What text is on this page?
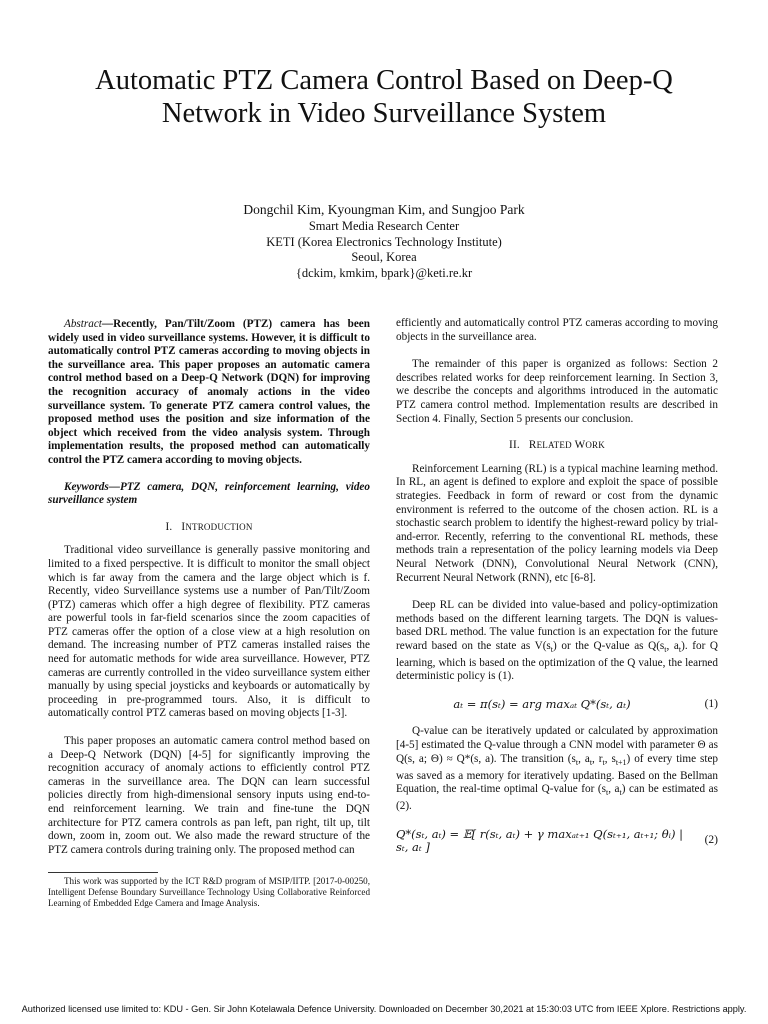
Automatic PTZ Camera Control Based on Deep-Q
Network in Video Surveillance System
Dongchil Kim, Kyoungman Kim, and Sungjoo Park
Smart Media Research Center
KETI (Korea Electronics Technology Institute)
Seoul, Korea
{dckim, kmkim, bpark}@keti.re.kr

Abstract—Recently, Pan/Tilt/Zoom (PTZ) camera has been widely used in video surveillance systems. However, it is difficult to automatically control PTZ cameras according to moving objects in the surveillance area. This paper proposes an automatic camera control method based on a Deep-Q Network (DQN) for improving the recognition accuracy of anomaly actions in the video surveillance system. To generate PTZ camera control values, the proposed method uses the position and size information of the object which received from the video analysis system. Through implementation results, the proposed method can automatically control the PTZ camera according to moving objects.

Keywords—PTZ camera, DQN, reinforcement learning, video surveillance system

I. INTRODUCTION

Traditional video surveillance is generally passive monitoring and limited to a fixed perspective. It is difficult to monitor the small object which is far away from the camera and the large object which is f. Recently, video Surveillance systems use a number of Pan/Tilt/Zoom (PTZ) cameras which offer a high degree of flexibility. PTZ cameras are powerful tools in far-field scenarios since the zoom capacities of PTZ cameras offer the option of a close view at a high resolution on demand. The increasing number of PTZ cameras installed raises the need for automatic methods for wide area surveillance. However, PTZ cameras are currently controlled in the video surveillance system either manually by using special joysticks and keyboards or automatically by proceeding in pre-programmed tours. Also, it is difficult to automatically control PTZ cameras based on moving objects [1-3].

This paper proposes an automatic camera control method based on a Deep-Q Network (DQN) [4-5] for significantly improving the recognition accuracy of anomaly actions to efficiently control PTZ cameras in the surveillance area. The DQN can learn successful policies directly from high-dimensional sensory inputs using end-to-end reinforcement learning. We train and fine-tune the DQN architecture for PTZ camera controls as pan left, pan right, tilt up, tilt down, zoom in, zoom out. We also made the reward structure of the PTZ camera controls during training only. The proposed method can

This work was supported by the ICT R&D program of MSIP/IITP. [2017-0-00250, Intelligent Defense Boundary Surveillance Technology Using Collaborative Reinforced Learning of Embedded Edge Camera and Image Analysis.

efficiently and automatically control PTZ cameras according to moving objects in the surveillance area.

The remainder of this paper is organized as follows: Section 2 describes related works for deep reinforcement learning. In Section 3, we describe the concepts and algorithms introduced in the automatic PTZ camera control method. Implementation results are described in Section 4. Finally, Section 5 presents our conclusion.

II. RELATED WORK

Reinforcement Learning (RL) is a typical machine learning method. In RL, an agent is defined to explore and exploit the space of possible strategies. Feedback in form of reward or cost from the dynamic environment is referred to the outcome of the chosen action. RL is a stochastic search problem to identify the highest-reward policy by trial-and-error. Recently, referring to the conventional RL methods, these methods train a representation of the policy learning models via Deep Neural Network (DNN), Convolutional Neural Network (CNN), Recurrent Neural Network (RNN), etc [6-8].

Deep RL can be divided into value-based and policy-optimization methods based on the different learning targets. The DQN is values-based DRL method. The value function is an expectation for the future reward based on the state as $V(s_t)$ or the Q-value as $Q(s_t$, $a_t$). for Q learning, which is based on the optimization of the Q value, the learned deterministic policy is (1).

aₜ = π(sₜ) = arg maxₐₜ Q*(sₜ, aₜ)	(1)

Q-value can be iteratively updated or calculated by approximation [4-5] estimated the Q-value through a CNN model with parameter Θ as Q(s, a; Θ) ≈ Q*(s, a). The transition ($s_t$, $a_t$, $r_t$, $s_{t+1}$) of every time step was saved as a memory for iteratively updating. Based on the Bellman Equation, the real-time optimal Q-value for ($s_t$, $a_t$) can be estimated as (2).

Q*(sₜ, aₜ) = 𝔼[ r(sₜ, aₜ) + γ maxₐₜ₊₁ Q(sₜ₊₁, aₜ₊₁; θᵢ) | sₜ, aₜ ]	(2)
Authorized licensed use limited to: KDU - Gen. Sir John Kotelawala Defence University. Downloaded on December 30,2021 at 15:30:03 UTC from IEEE Xplore. Restrictions apply.
